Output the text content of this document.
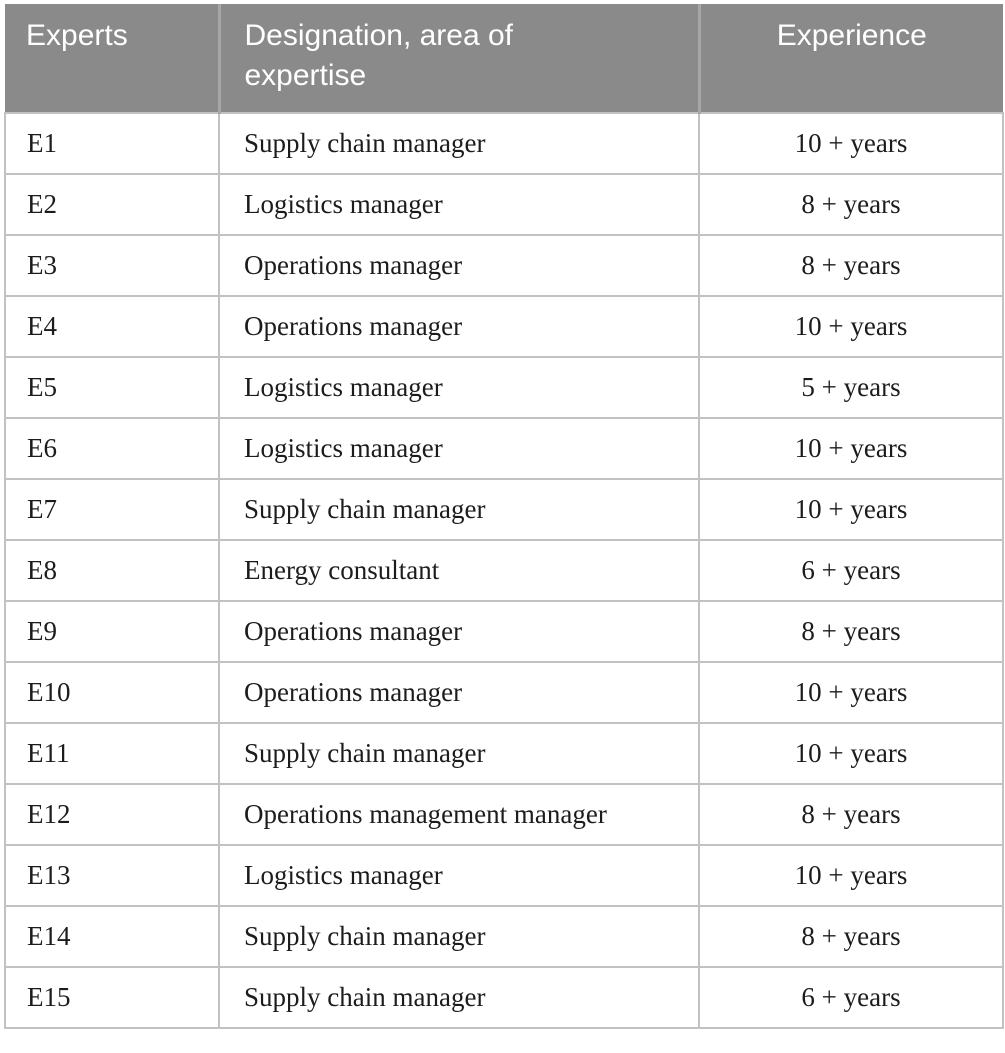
Experts	Designation, area of expertise	Experience
E1	Supply chain manager	10 + years
E2	Logistics manager	8 + years
E3	Operations manager	8 + years
E4	Operations manager	10 + years
E5	Logistics manager	5 + years
E6	Logistics manager	10 + years
E7	Supply chain manager	10 + years
E8	Energy consultant	6 + years
E9	Operations manager	8 + years
E10	Operations manager	10 + years
E11	Supply chain manager	10 + years
E12	Operations management manager	8 + years
E13	Logistics manager	10 + years
E14	Supply chain manager	8 + years
E15	Supply chain manager	6 + years
